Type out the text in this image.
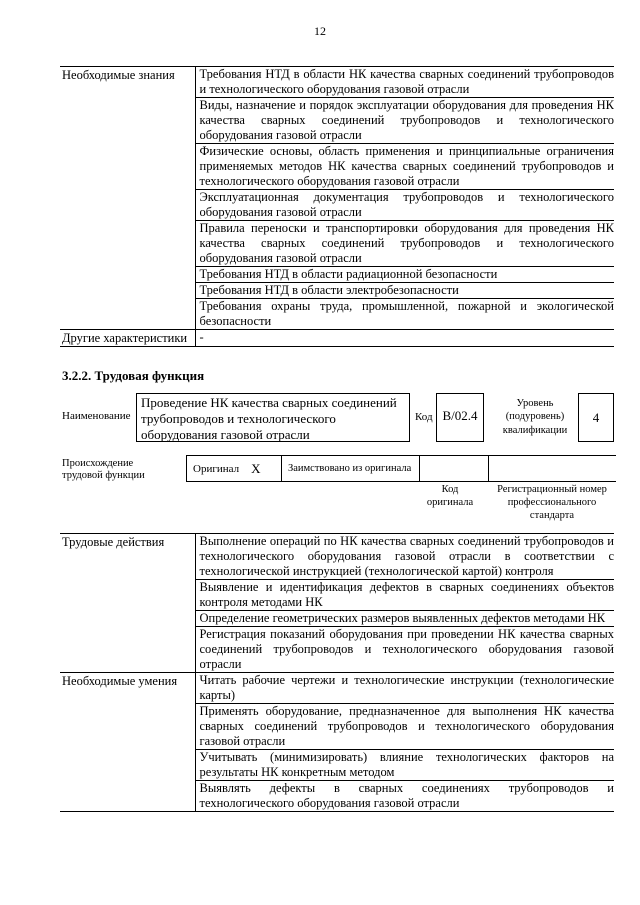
12
Необходимые знания	Требования НТД в области НК качества сварных соединений трубопроводов и технологического оборудования газовой отрасли
	Виды, назначение и порядок эксплуатации оборудования для проведения НК качества сварных соединений трубопроводов и технологического оборудования газовой отрасли
	Физические основы, область применения и принципиальные ограничения применяемых методов НК качества сварных соединений трубопроводов и технологического оборудования газовой отрасли
	Эксплуатационная документация трубопроводов и технологического оборудования газовой отрасли
	Правила переноски и транспортировки оборудования для проведения НК качества сварных соединений трубопроводов и технологического оборудования газовой отрасли
	Требования НТД в области радиационной безопасности
	Требования НТД в области электробезопасности
	Требования охраны труда, промышленной, пожарной и экологической безопасности
Другие характеристики	-
3.2.2. Трудовая функция
Наименование
Проведение НК качества сварных соединений трубопроводов и технологического оборудования газовой отрасли
Код B/02.4
Уровень (подуровень) квалификации
4
Происхождение трудовой функции
Оригинал X	Заимствовано из оригинала
Код оригинала
Регистрационный номер профессионального стандарта
Трудовые действия	Выполнение операций по НК качества сварных соединений трубопроводов и технологического оборудования газовой отрасли в соответствии с технологической инструкцией (технологической картой) контроля
	Выявление и идентификация дефектов в сварных соединениях объектов контроля методами НК
	Определение геометрических размеров выявленных дефектов методами НК
	Регистрация показаний оборудования при проведении НК качества сварных соединений трубопроводов и технологического оборудования газовой отрасли
Необходимые умения	Читать рабочие чертежи и технологические инструкции (технологические карты)
	Применять оборудование, предназначенное для выполнения НК качества сварных соединений трубопроводов и технологического оборудования газовой отрасли
	Учитывать (минимизировать) влияние технологических факторов на результаты НК конкретным методом
	Выявлять дефекты в сварных соединениях трубопроводов и технологического оборудования газовой отрасли
